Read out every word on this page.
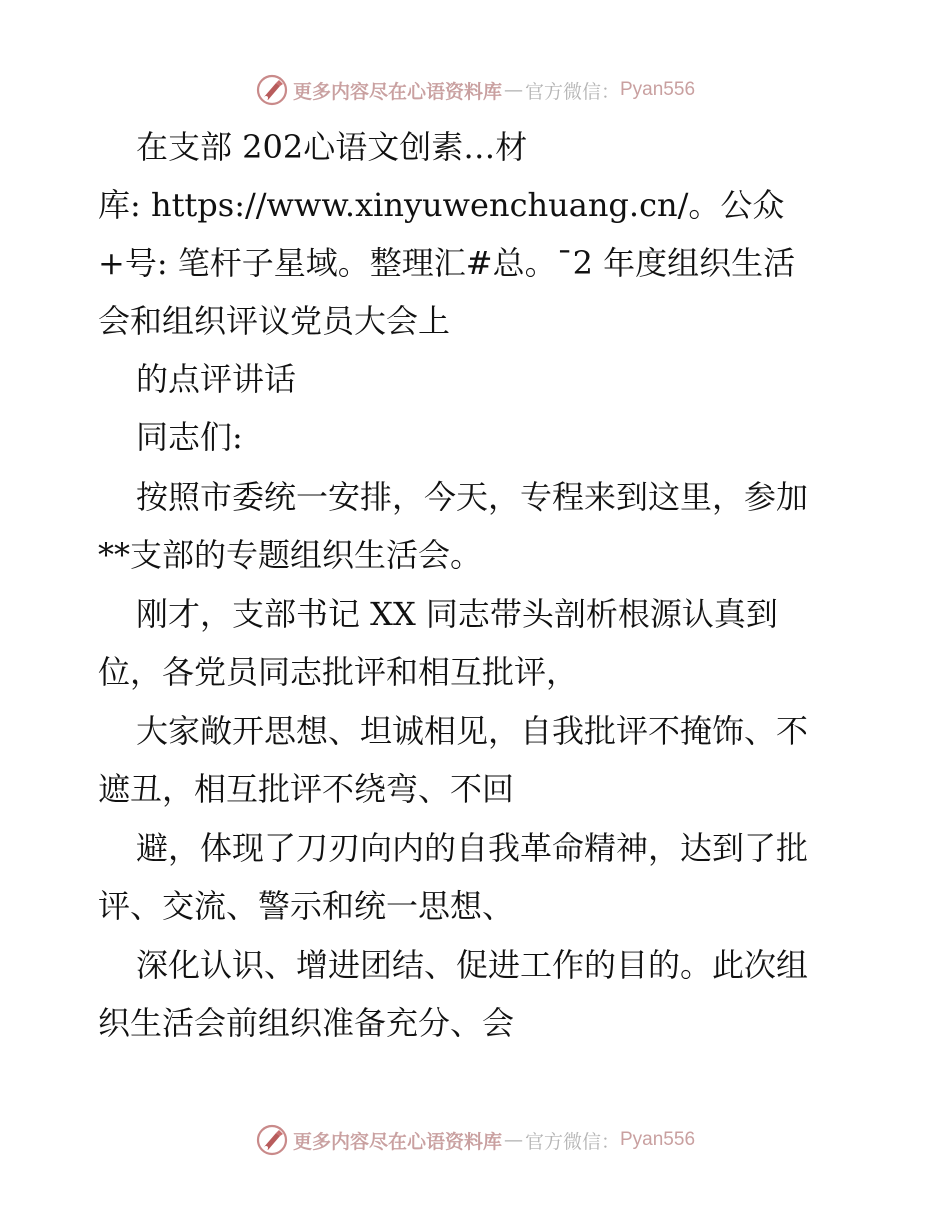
更多内容尽在心语资料库 — 官方微信： Pyan556
在支部 202心语文创素…材
库: https://www.xinyuwenchuang.cn/。公众
+号: 笔杆子星域。整理汇#总。¯2 年度组织生活
会和组织评议党员大会上
的点评讲话
同志们:
按照市委统一安排，今天，专程来到这里，参加
**支部的专题组织生活会。
刚才，支部书记 XX 同志带头剖析根源认真到
位，各党员同志批评和相互批评，
大家敞开思想、坦诚相见，自我批评不掩饰、不
遮丑，相互批评不绕弯、不回
避，体现了刀刃向内的自我革命精神，达到了批
评、交流、警示和统一思想、
深化认识、增进团结、促进工作的目的。此次组
织生活会前组织准备充分、会
更多内容尽在心语资料库 — 官方微信： Pyan556
